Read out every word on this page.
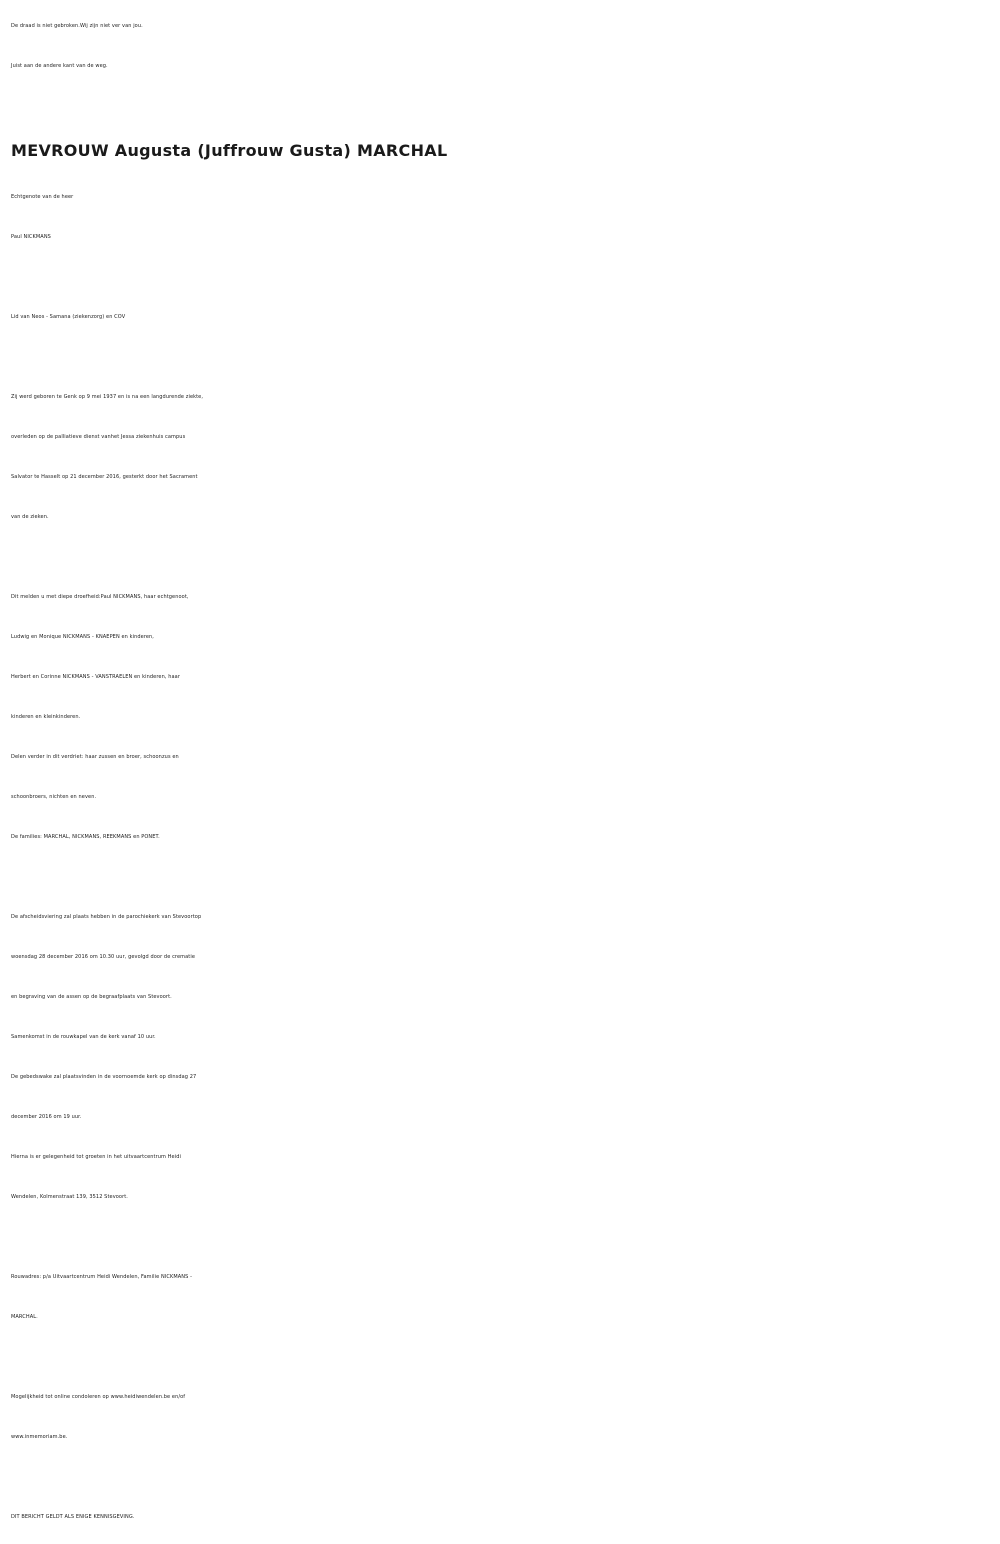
De draad is niet gebroken.Wij zijn niet ver van jou.
Juist aan de andere kant van de weg.
MEVROUW Augusta (Juffrouw Gusta) MARCHAL
Echtgenote van de heer
Paul NICKMANS
Lid van Neos - Samana (ziekenzorg) en COV
Zij werd geboren te Genk op 9 mei 1937 en is na een langdurende ziekte,
overleden op de palliatieve dienst vanhet Jessa ziekenhuis campus
Salvator te Hasselt op 21 december 2016, gesterkt door het Sacrament
van de zieken.
Dit melden u met diepe droefheid:Paul NICKMANS, haar echtgenoot,
Ludwig en Monique NICKMANS - KNAEPEN en kinderen,
Herbert en Corinne NICKMANS - VANSTRAELEN en kinderen, haar
kinderen en kleinkinderen.
Delen verder in dit verdriet: haar zussen en broer, schoonzus en
schoonbroers, nichten en neven.
De families: MARCHAL, NICKMANS, REEKMANS en PONET.
De afscheidsviering zal plaats hebben in de parochiekerk van Stevoortop
woensdag 28 december 2016 om 10.30 uur, gevolgd door de crematie
en begraving van de assen op de begraafplaats van Stevoort.
Samenkomst in de rouwkapel van de kerk vanaf 10 uur.
De gebedswake zal plaatsvinden in de voornoemde kerk op dinsdag 27
december 2016 om 19 uur.
Hierna is er gelegenheid tot groeten in het uitvaartcentrum Heidi
Wendelen, Kolmenstraat 139, 3512 Stevoort.
Rouwadres: p/a Uitvaartcentrum Heidi Wendelen, Familie NICKMANS -
MARCHAL.
Mogelijkheid tot online condoleren op www.heidiwendelen.be en/of
www.inmemoriam.be.
DIT BERICHT GELDT ALS ENIGE KENNISGEVING.
